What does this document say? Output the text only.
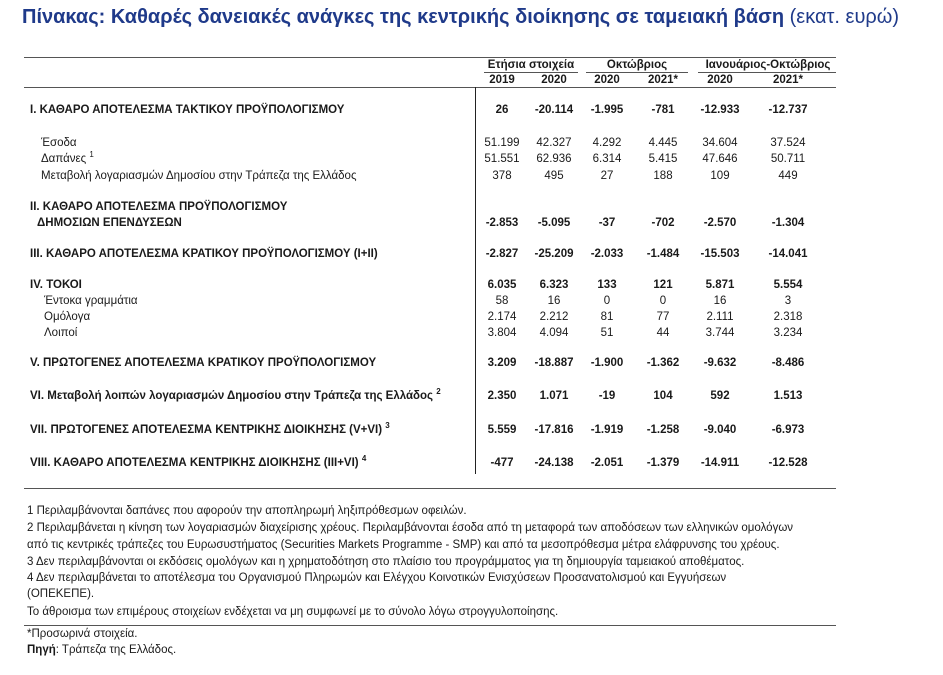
Πίνακας: Καθαρές δανειακές ανάγκες της κεντρικής διοίκησης σε ταμειακή βάση (εκατ. ευρώ)
Ετήσια στοιχεία	Οκτώβριος	Ιανουάριος-Οκτώβριος
2019	2020	2020	2021*	2020	2021*
I. ΚΑΘΑΡΟ ΑΠΟΤΕΛΕΣΜΑ ΤΑΚΤΙΚΟΥ ΠΡΟΫΠΟΛΟΓΙΣΜΟΥ	26	-20.114	-1.995	-781	-12.933	-12.737
Έσοδα	51.199	42.327	4.292	4.445	34.604	37.524
Δαπάνες $^1$	51.551	62.936	6.314	5.415	47.646	50.711
Μεταβολή λογαριασμών Δημοσίου στην Τράπεζα της Ελλάδος	378	495	27	188	109	449
II. ΚΑΘΑΡΟ ΑΠΟΤΕΛΕΣΜΑ ΠΡΟΫΠΟΛΟΓΙΣΜΟΥ
ΔΗΜΟΣΙΩΝ ΕΠΕΝΔΥΣΕΩΝ	-2.853	-5.095	-37	-702	-2.570	-1.304
III. ΚΑΘΑΡΟ ΑΠΟΤΕΛΕΣΜΑ ΚΡΑΤΙΚΟΥ ΠΡΟΫΠΟΛΟΓΙΣΜΟΥ (I+II)	-2.827	-25.209	-2.033	-1.484	-15.503	-14.041
IV. ΤΟΚΟΙ	6.035	6.323	133	121	5.871	5.554
Έντοκα γραμμάτια	58	16	0	0	16	3
Ομόλογα	2.174	2.212	81	77	2.111	2.318
Λοιποί	3.804	4.094	51	44	3.744	3.234
V. ΠΡΩΤΟΓΕΝΕΣ ΑΠΟΤΕΛΕΣΜΑ ΚΡΑΤΙΚΟΥ ΠΡΟΫΠΟΛΟΓΙΣΜΟΥ	3.209	-18.887	-1.900	-1.362	-9.632	-8.486
VI. Μεταβολή λοιπών λογαριασμών Δημοσίου στην Τράπεζα της Ελλάδος $^2$	2.350	1.071	-19	104	592	1.513
VII. ΠΡΩΤΟΓΕΝΕΣ ΑΠΟΤΕΛΕΣΜΑ ΚΕΝΤΡΙΚΗΣ ΔΙΟΙΚΗΣΗΣ (V+VI) $^3$	5.559	-17.816	-1.919	-1.258	-9.040	-6.973
VIII. ΚΑΘΑΡΟ ΑΠΟΤΕΛΕΣΜΑ ΚΕΝΤΡΙΚΗΣ ΔΙΟΙΚΗΣΗΣ (III+VI) $^4$	-477	-24.138	-2.051	-1.379	-14.911	-12.528
1 Περιλαμβάνονται δαπάνες που αφορούν την αποπληρωμή ληξιπρόθεσμων οφειλών.
2 Περιλαμβάνεται η κίνηση των λογαριασμών διαχείρισης χρέους. Περιλαμβάνονται έσοδα από τη μεταφορά των αποδόσεων των ελληνικών ομολόγων
από τις κεντρικές τράπεζες του Ευρωσυστήματος (Securities Markets Programme - SMP) και από τα μεσοπρόθεσμα μέτρα ελάφρυνσης του χρέους.
3 Δεν περιλαμβάνονται οι εκδόσεις ομολόγων και η χρηματοδότηση στο πλαίσιο του προγράμματος για τη δημιουργία ταμειακού αποθέματος.
4 Δεν περιλαμβάνεται το αποτέλεσμα του Οργανισμού Πληρωμών και Ελέγχου Κοινοτικών Ενισχύσεων Προσανατολισμού και Εγγυήσεων
(ΟΠΕΚΕΠΕ).
Το άθροισμα των επιμέρους στοιχείων ενδέχεται να μη συμφωνεί με το σύνολο λόγω στρογγυλοποίησης.
*Προσωρινά στοιχεία.
Πηγή: Τράπεζα της Ελλάδος.
